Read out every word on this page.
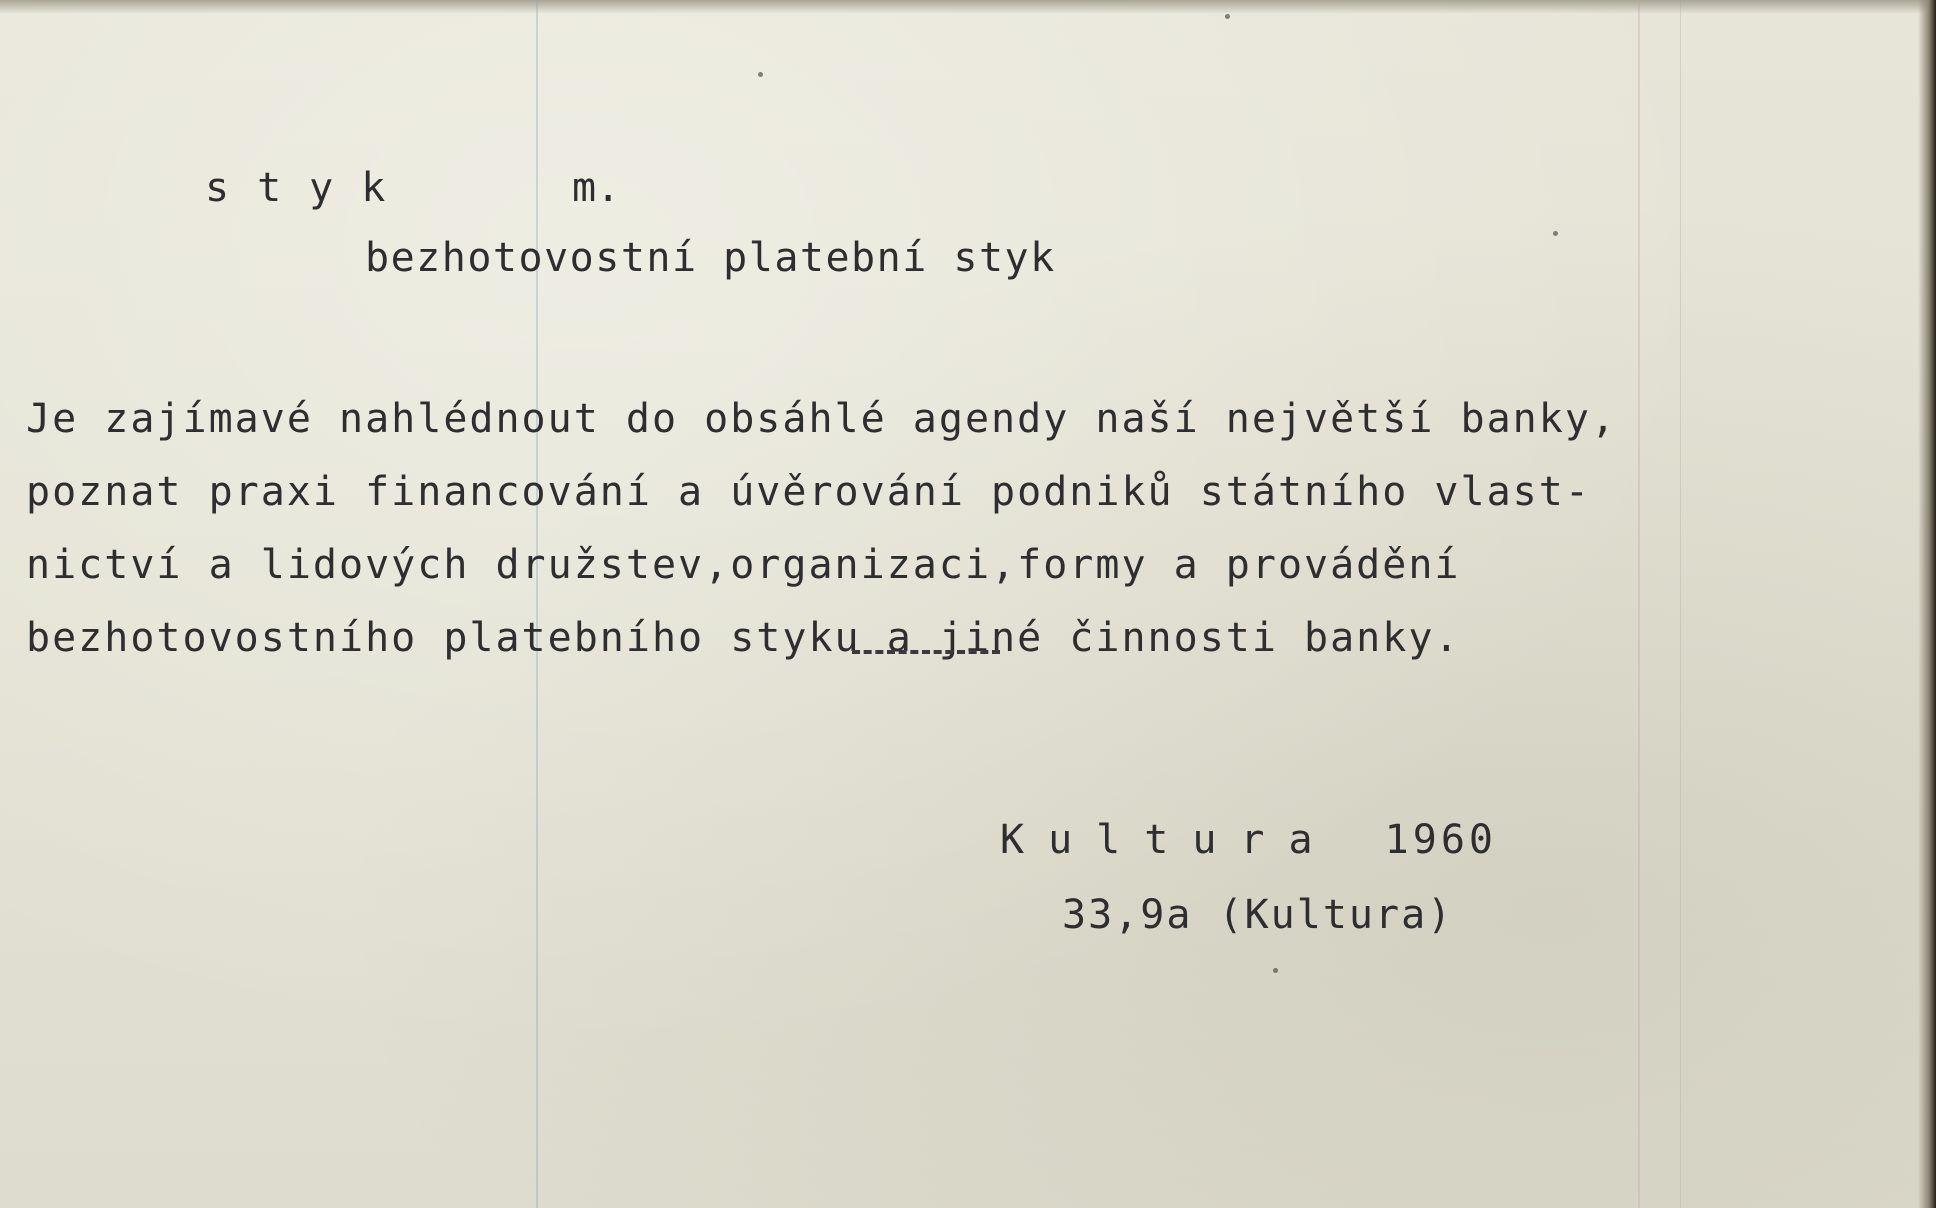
styk	m.

bezhotovostní platební styk

Je zajímavé nahlédnout do obsáhlé agendy naší největší banky,
poznat praxi financování a úvěrování podniků státního vlast-
nictví a lidových družstev,organizaci,formy a provádění
bezhotovostního platebního styku a jiné činnosti banky.

Kultura 1960

33,9a (Kultura)
